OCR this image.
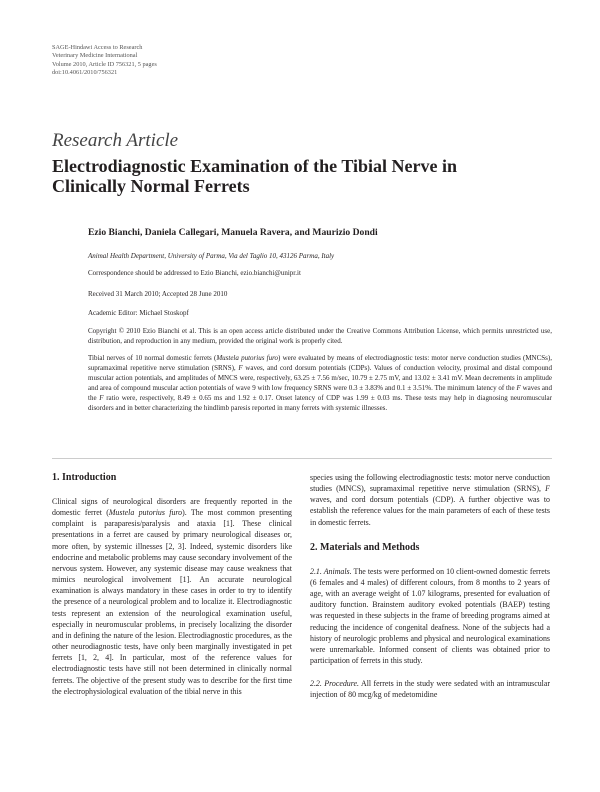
SAGE-Hindawi Access to Research
Veterinary Medicine International
Volume 2010, Article ID 756321, 5 pages
doi:10.4061/2010/756321
Research Article
Electrodiagnostic Examination of the Tibial Nerve in
Clinically Normal Ferrets
Ezio Bianchi, Daniela Callegari, Manuela Ravera, and Maurizio Dondi
Animal Health Department, University of Parma, Via del Taglio 10, 43126 Parma, Italy
Correspondence should be addressed to Ezio Bianchi, ezio.bianchi@unipr.it
Received 31 March 2010; Accepted 28 June 2010
Academic Editor: Michael Stoskopf
Copyright © 2010 Ezio Bianchi et al. This is an open access article distributed under the Creative Commons Attribution License, which permits unrestricted use, distribution, and reproduction in any medium, provided the original work is properly cited.
Tibial nerves of 10 normal domestic ferrets (Mustela putorius furo) were evaluated by means of electrodiagnostic tests: motor nerve conduction studies (MNCSs), supramaximal repetitive nerve stimulation (SRNS), F waves, and cord dorsum potentials (CDPs). Values of conduction velocity, proximal and distal compound muscular action potentials, and amplitudes of MNCS were, respectively, 63.25 ± 7.56 m/sec, 10.79 ± 2.75 mV, and 13.02 ± 3.41 mV. Mean decrements in amplitude and area of compound muscular action potentials of wave 9 with low frequency SRNS were 0.3 ± 3.83% and 0.1 ± 3.51%. The minimum latency of the F waves and the F ratio were, respectively, 8.49 ± 0.65 ms and 1.92 ± 0.17. Onset latency of CDP was 1.99 ± 0.03 ms. These tests may help in diagnosing neuromuscular disorders and in better characterizing the hindlimb paresis reported in many ferrets with systemic illnesses.
1. Introduction

Clinical signs of neurological disorders are frequently reported in the domestic ferret (Mustela putorius furo). The most common presenting complaint is paraparesis/paralysis and ataxia [1]. These clinical presentations in a ferret are caused by primary neurological diseases or, more often, by systemic illnesses [2, 3]. Indeed, systemic disorders like endocrine and metabolic problems may cause secondary involvement of the nervous system. However, any systemic disease may cause weakness that mimics neurological involvement [1]. An accurate neurological examination is always mandatory in these cases in order to try to identify the presence of a neurological problem and to localize it. Electrodiagnostic tests represent an extension of the neurological examination useful, especially in neuromuscular problems, in precisely localizing the disorder and in defining the nature of the lesion. Electrodiagnostic procedures, as the other neurodiagnostic tests, have only been marginally investigated in pet ferrets [1, 2, 4]. In particular, most of the reference values for electrodiagnostic tests have still not been determined in clinically normal ferrets. The objective of the present study was to describe for the first time the electrophysiological evaluation of the tibial nerve in this

species using the following electrodiagnostic tests: motor nerve conduction studies (MNCS), supramaximal repetitive nerve stimulation (SRNS), F waves, and cord dorsum potentials (CDP). A further objective was to establish the reference values for the main parameters of each of these tests in domestic ferrets.

2. Materials and Methods

2.1. Animals. The tests were performed on 10 client-owned domestic ferrets (6 females and 4 males) of different colours, from 8 months to 2 years of age, with an average weight of 1.07 kilograms, presented for evaluation of auditory function. Brainstem auditory evoked potentials (BAEP) testing was requested in these subjects in the frame of breeding programs aimed at reducing the incidence of congenital deafness. None of the subjects had a history of neurologic problems and physical and neurological examinations were unremarkable. Informed consent of clients was obtained prior to participation of ferrets in this study.

2.2. Procedure. All ferrets in the study were sedated with an intramuscular injection of 80 mcg/kg of medetomidine
